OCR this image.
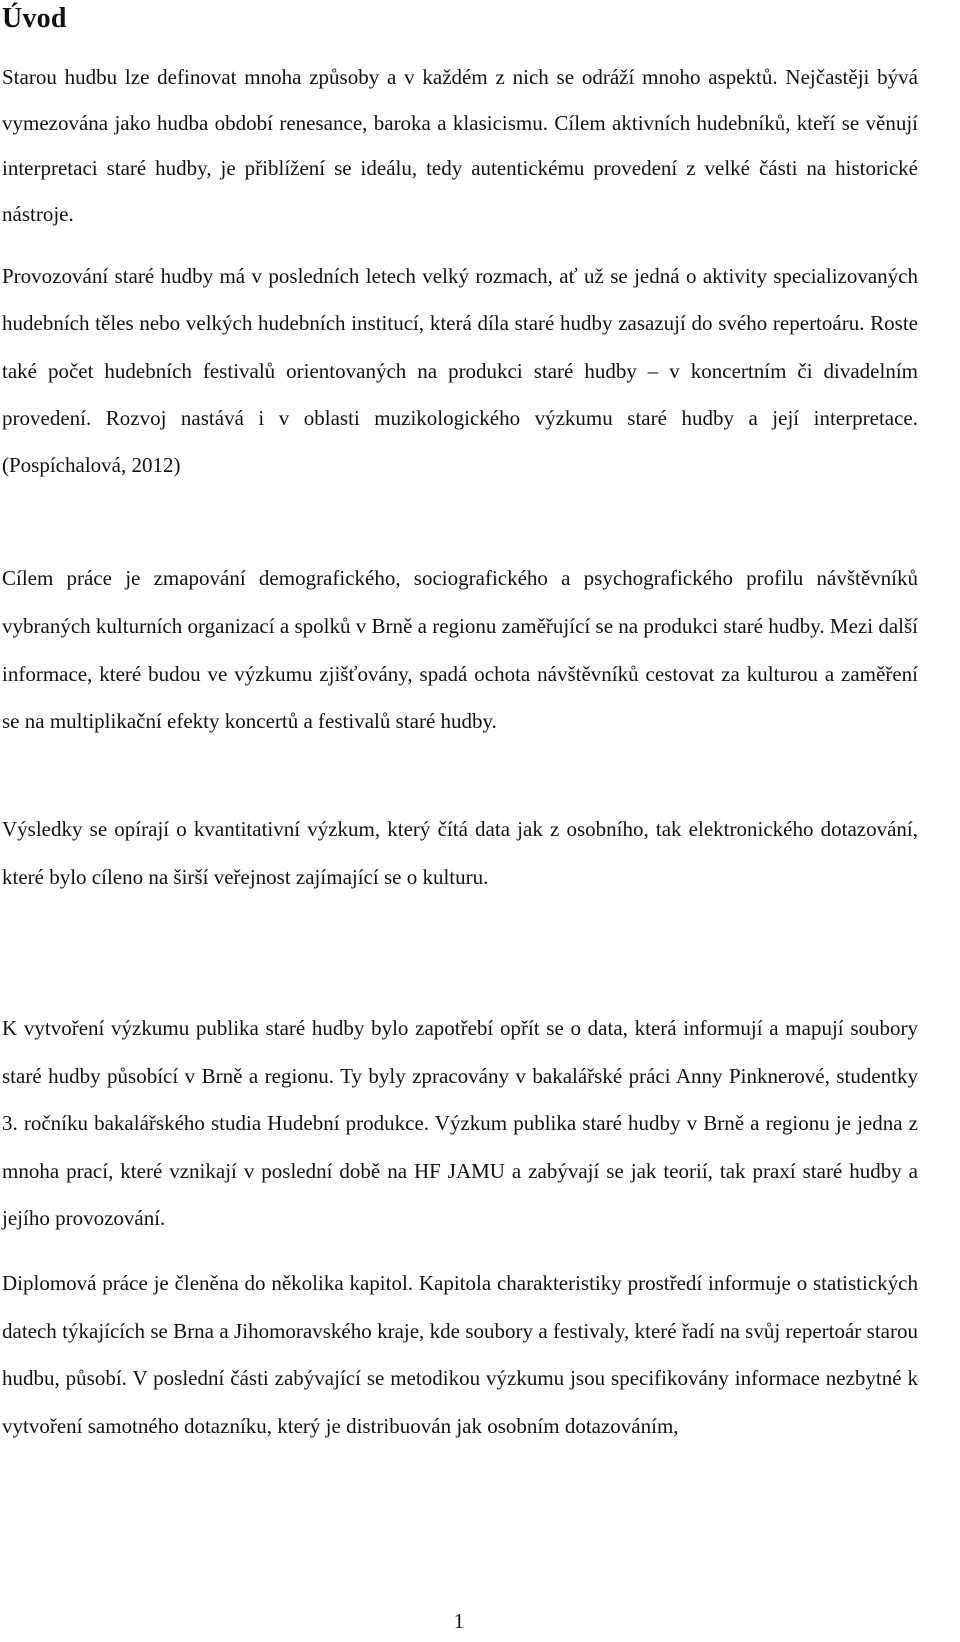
Úvod

Starou hudbu lze definovat mnoha způsoby a v každém z nich se odráží mnoho aspektů. Nejčastěji bývá vymezována jako hudba období renesance, baroka a klasicismu. Cílem aktivních hudebníků, kteří se věnují interpretaci staré hudby, je přiblížení se ideálu, tedy autentickému provedení z velké části na historické nástroje.

Provozování staré hudby má v posledních letech velký rozmach, ať už se jedná o aktivity specializovaných hudebních těles nebo velkých hudebních institucí, která díla staré hudby zasazují do svého repertoáru. Roste také počet hudebních festivalů orientovaných na produkci staré hudby – v koncertním či divadelním provedení. Rozvoj nastává i v oblasti muzikologického výzkumu staré hudby a její interpretace. (Pospíchalová, 2012)

Cílem práce je zmapování demografického, sociografického a psychografického profilu návštěvníků vybraných kulturních organizací a spolků v Brně a regionu zaměřující se na produkci staré hudby. Mezi další informace, které budou ve výzkumu zjišťovány, spadá ochota návštěvníků cestovat za kulturou a zaměření se na multiplikační efekty koncertů a festivalů staré hudby.

Výsledky se opírají o kvantitativní výzkum, který čítá data jak z osobního, tak elektronického dotazování, které bylo cíleno na širší veřejnost zajímající se o kulturu.

K vytvoření výzkumu publika staré hudby bylo zapotřebí opřít se o data, která informují a mapují soubory staré hudby působící v Brně a regionu. Ty byly zpracovány v bakalářské práci Anny Pinknerové, studentky 3. ročníku bakalářského studia Hudební produkce. Výzkum publika staré hudby v Brně a regionu je jedna z mnoha prací, které vznikají v poslední době na HF JAMU a zabývají se jak teorií, tak praxí staré hudby a jejího provozování.

Diplomová práce je členěna do několika kapitol. Kapitola charakteristiky prostředí informuje o statistických datech týkajících se Brna a Jihomoravského kraje, kde soubory a festivaly, které řadí na svůj repertoár starou hudbu, působí. V poslední části zabývající se metodikou výzkumu jsou specifikovány informace nezbytné k vytvoření samotného dotazníku, který je distribuován jak osobním dotazováním,

1
